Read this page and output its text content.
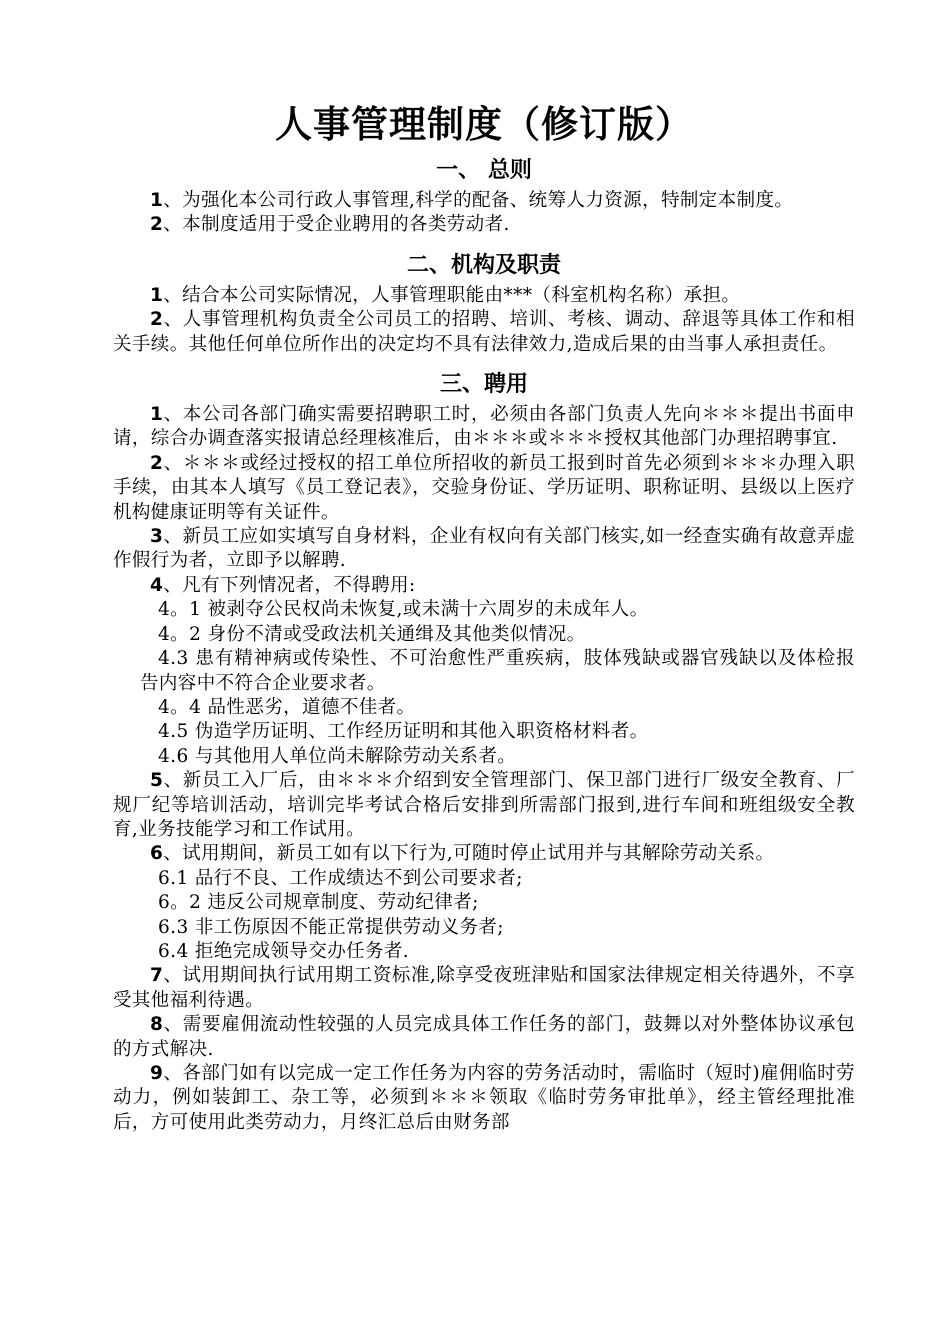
人事管理制度（修订版）
一、 总则

1、为强化本公司行政人事管理,科学的配备、统筹人力资源，特制定本制度。

2、本制度适用于受企业聘用的各类劳动者.

二、机构及职责

1、结合本公司实际情况，人事管理职能由***（科室机构名称）承担。

2、人事管理机构负责全公司员工的招聘、培训、考核、调动、辞退等具体工作和相关手续。其他任何单位所作出的决定均不具有法律效力,造成后果的由当事人承担责任。

三、聘用

1、本公司各部门确实需要招聘职工时，必须由各部门负责人先向＊＊＊提出书面申请，综合办调查落实报请总经理核准后，由＊＊＊或＊＊＊授权其他部门办理招聘事宜.

2、＊＊＊或经过授权的招工单位所招收的新员工报到时首先必须到＊＊＊办理入职手续，由其本人填写《员工登记表》，交验身份证、学历证明、职称证明、县级以上医疗机构健康证明等有关证件。

3、新员工应如实填写自身材料，企业有权向有关部门核实,如一经查实确有故意弄虚作假行为者，立即予以解聘.

4、凡有下列情况者，不得聘用:

4。1 被剥夺公民权尚未恢复,或未满十六周岁的未成年人。

4。2 身份不清或受政法机关通缉及其他类似情况。

4.3 患有精神病或传染性、不可治愈性严重疾病，肢体残缺或器官残缺以及体检报告内容中不符合企业要求者。

4。4 品性恶劣，道德不佳者。

4.5 伪造学历证明、工作经历证明和其他入职资格材料者。

4.6 与其他用人单位尚未解除劳动关系者。

5、新员工入厂后，由＊＊＊介绍到安全管理部门、保卫部门进行厂级安全教育、厂规厂纪等培训活动，培训完毕考试合格后安排到所需部门报到,进行车间和班组级安全教育,业务技能学习和工作试用。

6、试用期间，新员工如有以下行为,可随时停止试用并与其解除劳动关系。

6.1 品行不良、工作成绩达不到公司要求者;

6。2 违反公司规章制度、劳动纪律者;

6.3 非工伤原因不能正常提供劳动义务者;

6.4 拒绝完成领导交办任务者.

7、试用期间执行试用期工资标准,除享受夜班津贴和国家法律规定相关待遇外，不享受其他福利待遇。

8、需要雇佣流动性较强的人员完成具体工作任务的部门，鼓舞以对外整体协议承包的方式解决.

9、各部门如有以完成一定工作任务为内容的劳务活动时，需临时（短时)雇佣临时劳动力，例如装卸工、杂工等，必须到＊＊＊领取《临时劳务审批单》，经主管经理批准后，方可使用此类劳动力，月终汇总后由财务部
